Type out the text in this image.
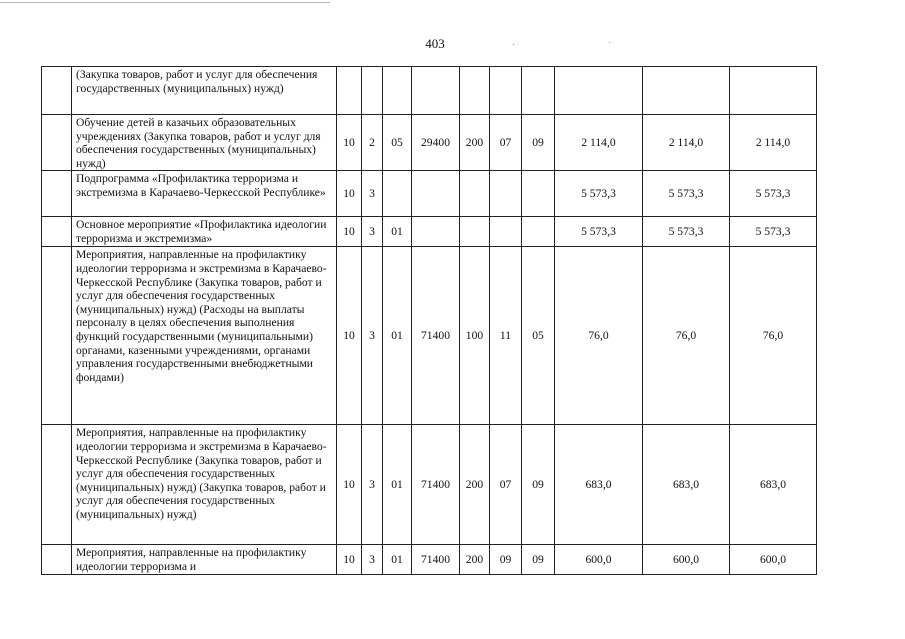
403	·	·
	(Закупка товаров, работ и услуг для обеспечения государственных (муниципальных) нужд)										
	Обучение детей в казачьих образовательных учреждениях (Закупка товаров, работ и услуг для обеспечения государственных (муниципальных) нужд)	10	2	05	29400	200	07	09	2 114,0	2 114,0	2 114,0
	Подпрограмма «Профилактика терроризма и экстремизма в Карачаево-Черкесской Республике»	10	3						5 573,3	5 573,3	5 573,3
	Основное мероприятие «Профилактика идеологии терроризма и экстремизма»	10	3	01					5 573,3	5 573,3	5 573,3
	Мероприятия, направленные на профилактику идеологии терроризма и экстремизма в Карачаево-Черкесской Республике (Закупка товаров, работ и услуг для обеспечения государственных (муниципальных) нужд) (Расходы на выплаты персоналу в целях обеспечения выполнения функций государственными (муниципальными) органами, казенными учреждениями, органами управления государственными внебюджетными фондами)	10	3	01	71400	100	11	05	76,0	76,0	76,0
	Мероприятия, направленные на профилактику идеологии терроризма и экстремизма в Карачаево-Черкесской Республике (Закупка товаров, работ и услуг для обеспечения государственных (муниципальных) нужд) (Закупка товаров, работ и услуг для обеспечения государственных (муниципальных) нужд)	10	3	01	71400	200	07	09	683,0	683,0	683,0
	Мероприятия, направленные на профилактику идеологии терроризма и	10	3	01	71400	200	09	09	600,0	600,0	600,0
